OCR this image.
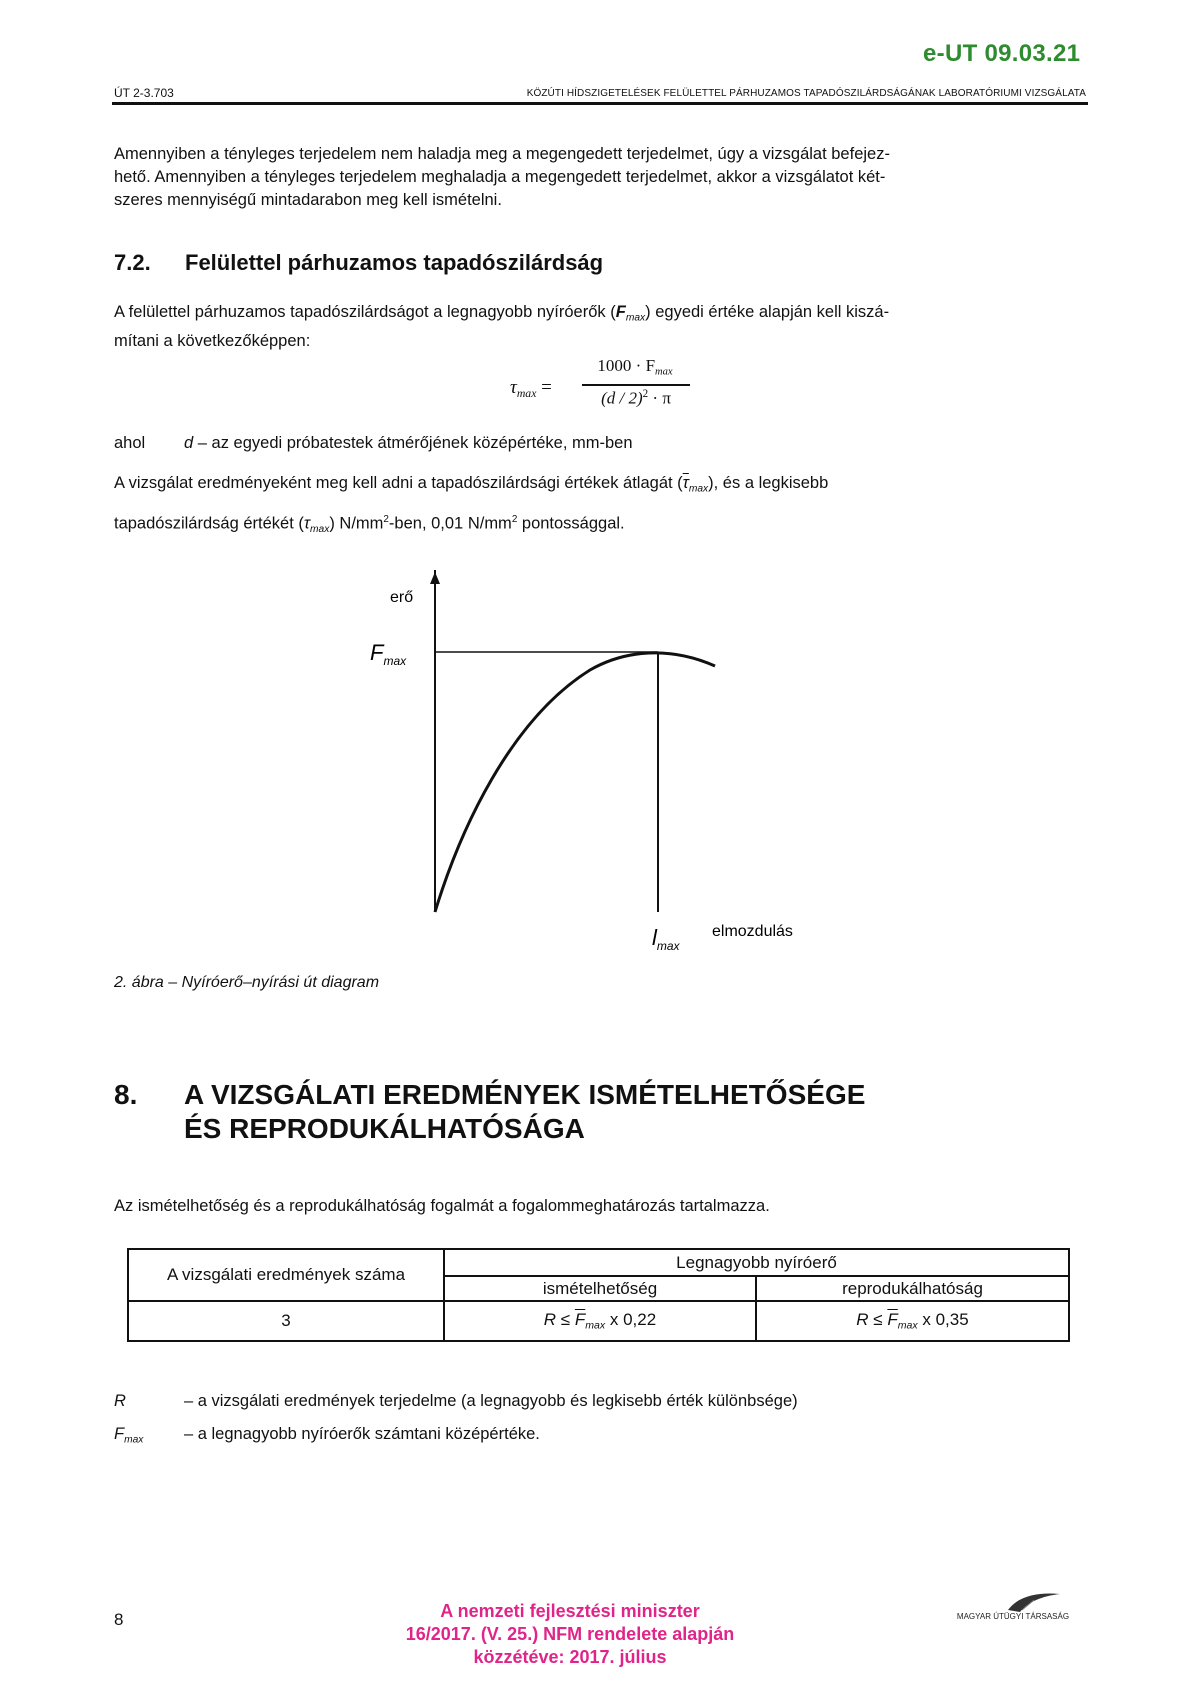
e-UT 09.03.21
ÚT 2-3.703	KÖZÚTI HÍDSZIGETELÉSEK FELÜLETTEL PÁRHUZAMOS TAPADÓSZILÁRDSÁGÁNAK LABORATÓRIUMI VIZSGÁLATA
Amennyiben a tényleges terjedelem nem haladja meg a megengedett terjedelmet, úgy a vizsgálat befejez-
hető. Amennyiben a tényleges terjedelem meghaladja a megengedett terjedelmet, akkor a vizsgálatot két-
szeres mennyiségű mintadarabon meg kell ismételni.
7.2. Felülettel párhuzamos tapadószilárdság
A felülettel párhuzamos tapadószilárdságot a legnagyobb nyíróerők $(F_{max})$ egyedi értéke alapján kell kiszá-
mítani a következőképpen:
$\tau_{max}$ =
$1000 \cdot F_{max}$
(d / 2)$^2$ · π
ahol d – az egyedi próbatestek átmérőjének középértéke, mm-ben
A vizsgálat eredményeként meg kell adni a tapadószilárdsági értékek átlagát $(\overline{\tau}_{max})$, és a legkisebb
tapadószilárdság értékét $(\tau_{max})$ $N/mm^2$-ben, 0,01 $N/mm^2$ pontossággal.
erő
$F_{max}$
$l_{max}$
elmozdulás
2. ábra – Nyíróerő–nyírási út diagram
8. A VIZSGÁLATI EREDMÉNYEK ISMÉTELHETŐSÉGE
ÉS REPRODUKÁLHATÓSÁGA
Az ismételhetőség és a reprodukálhatóság fogalmát a fogalommeghatározás tartalmazza.
A vizsgálati eredmények száma	Legnagyobb nyíróerő	
	ismételhetőség	reprodukálhatóság
3	$R \le \overline{F}_{max}$ x 0,22	$R \le \overline{F}_{max}$ x 0,35
R	– a vizsgálati eredmények terjedelme (a legnagyobb és legkisebb érték különbsége)
$F_{max}$ – a legnagyobb nyíróerők számtani középértéke.
8	A nemzeti fejlesztési miniszter
16/2017. (V. 25.) NFM rendelete alapján
közzétéve: 2017. július
MAGYAR ÚTÜGYI TÁRSASÁG
